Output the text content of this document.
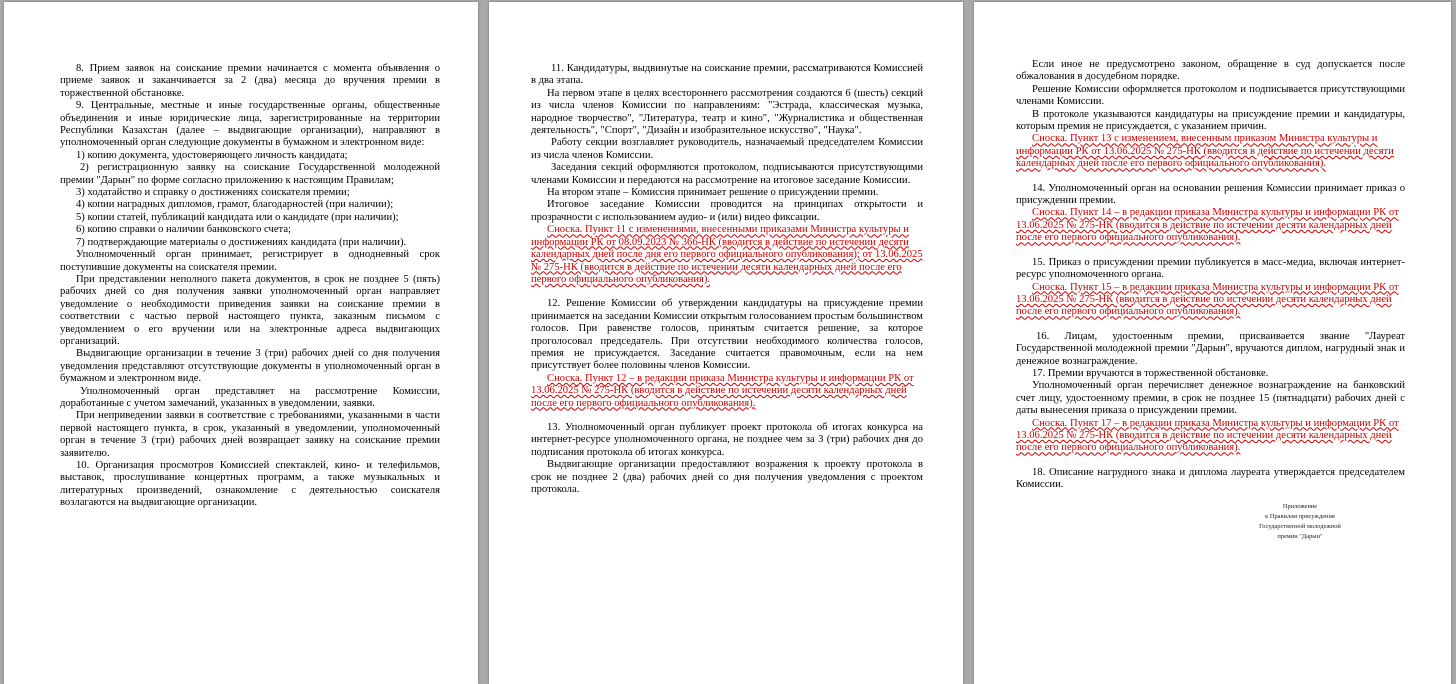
8. Прием заявок на соискание премии начинается с момента объявления о приеме заявок и заканчивается за 2 (два) месяца до вручения премии в торжественной обстановке.

9. Центральные, местные и иные государственные органы, общественные объединения и иные юридические лица, зарегистрированные на территории Республики Казахстан (далее – выдвигающие организации), направляют в уполномоченный орган следующие документы в бумажном и электронном виде:

1) копию документа, удостоверяющего личность кандидата;

2) регистрационную заявку на соискание Государственной молодежной премии "Дарын" по форме согласно приложению к настоящим Правилам;

3) ходатайство и справку о достижениях соискателя премии;

4) копии наградных дипломов, грамот, благодарностей (при наличии);

5) копии статей, публикаций кандидата или о кандидате (при наличии);

6) копию справки о наличии банковского счета;

7) подтверждающие материалы о достижениях кандидата (при наличии).

Уполномоченный орган принимает, регистрирует в однодневный срок поступившие документы на соискателя премии.

При представлении неполного пакета документов, в срок не позднее 5 (пять) рабочих дней со дня получения заявки уполномоченный орган направляет уведомление о необходимости приведения заявки на соискание премии в соответствии с частью первой настоящего пункта, заказным письмом с уведомлением о его вручении или на электронные адреса выдвигающих организаций.

Выдвигающие организации в течение 3 (три) рабочих дней со дня получения уведомления представляют отсутствующие документы в уполномоченный орган в бумажном и электронном виде.

Уполномоченный орган представляет на рассмотрение Комиссии, доработанные с учетом замечаний, указанных в уведомлении, заявки.

При неприведении заявки в соответствие с требованиями, указанными в части первой настоящего пункта, в срок, указанный в уведомлении, уполномоченный орган в течение 3 (три) рабочих дней возвращает заявку на соискание премии заявителю.

10. Организация просмотров Комиссией спектаклей, кино- и телефильмов, выставок, прослушивание концертных программ, а также музыкальных и литературных произведений, ознакомление с деятельностью соискателя возлагаются на выдвигающие организации.

11. Кандидатуры, выдвинутые на соискание премии, рассматриваются Комиссией в два этапа.

На первом этапе в целях всестороннего рассмотрения создаются 6 (шесть) секций из числа членов Комиссии по направлениям: "Эстрада, классическая музыка, народное творчество", "Литература, театр и кино", "Журналистика и общественная деятельность", "Спорт", "Дизайн и изобразительное искусство", "Наука".

Работу секции возглавляет руководитель, назначаемый председателем Комиссии из числа членов Комиссии.

Заседания секций оформляются протоколом, подписываются присутствующими членами Комиссии и передаются на рассмотрение на итоговое заседание Комиссии.

На втором этапе – Комиссия принимает решение о присуждении премии.

Итоговое заседание Комиссии проводится на принципах открытости и прозрачности с использованием аудио- и (или) видео фиксации.

Сноска. Пункт 11 с изменениями, внесенными приказами Министра культуры и информации РК от 08.09.2023 № 366-НК (вводится в действие по истечении десяти календарных дней после дня его первого официального опубликования); от 13.06.2025 № 275-НК (вводится в действие по истечении десяти календарных дней после его первого официального опубликования).

12. Решение Комиссии об утверждении кандидатуры на присуждение премии принимается на заседании Комиссии открытым голосованием простым большинством голосов. При равенстве голосов, принятым считается решение, за которое проголосовал председатель. При отсутствии необходимого количества голосов, премия не присуждается. Заседание считается правомочным, если на нем присутствует более половины членов Комиссии.

Сноска. Пункт 12 – в редакции приказа Министра культуры и информации РК от 13.06.2025 № 275-НК (вводится в действие по истечении десяти календарных дней после его первого официального опубликования).

13. Уполномоченный орган публикует проект протокола об итогах конкурса на интернет-ресурсе уполномоченного органа, не позднее чем за 3 (три) рабочих дня до подписания протокола об итогах конкурса.

Выдвигающие организации предоставляют возражения к проекту протокола в срок не позднее 2 (два) рабочих дней со дня получения уведомления с проектом протокола.

Если иное не предусмотрено законом, обращение в суд допускается после обжалования в досудебном порядке.

Решение Комиссии оформляется протоколом и подписывается присутствующими членами Комиссии.

В протоколе указываются кандидатуры на присуждение премии и кандидатуры, которым премия не присуждается, с указанием причин.

Сноска. Пункт 13 с изменением, внесенным приказом Министра культуры и информации РК от 13.06.2025 № 275-НК (вводится в действие по истечении десяти календарных дней после его первого официального опубликования).

14. Уполномоченный орган на основании решения Комиссии принимает приказ о присуждении премии.

Сноска. Пункт 14 – в редакции приказа Министра культуры и информации РК от 13.06.2025 № 275-НК (вводится в действие по истечении десяти календарных дней после его первого официального опубликования).

15. Приказ о присуждении премии публикуется в масс-медиа, включая интернет-ресурс уполномоченного органа.

Сноска. Пункт 15 – в редакции приказа Министра культуры и информации РК от 13.06.2025 № 275-НК (вводится в действие по истечении десяти календарных дней после его первого официального опубликования).

16. Лицам, удостоенным премии, присваивается звание "Лауреат Государственной молодежной премии "Дарын", вручаются диплом, нагрудный знак и денежное вознаграждение.

17. Премии вручаются в торжественной обстановке.

Уполномоченный орган перечисляет денежное вознаграждение на банковский счет лицу, удостоенному премии, в срок не позднее 15 (пятнадцати) рабочих дней с даты вынесения приказа о присуждении премии.

Сноска. Пункт 17 – в редакции приказа Министра культуры и информации РК от 13.06.2025 № 275-НК (вводится в действие по истечении десяти календарных дней после его первого официального опубликования).

18. Описание нагрудного знака и диплома лауреата утверждается председателем Комиссии.

Приложение
к Правилам присуждения
Государственной молодежной
премии "Дарын"
